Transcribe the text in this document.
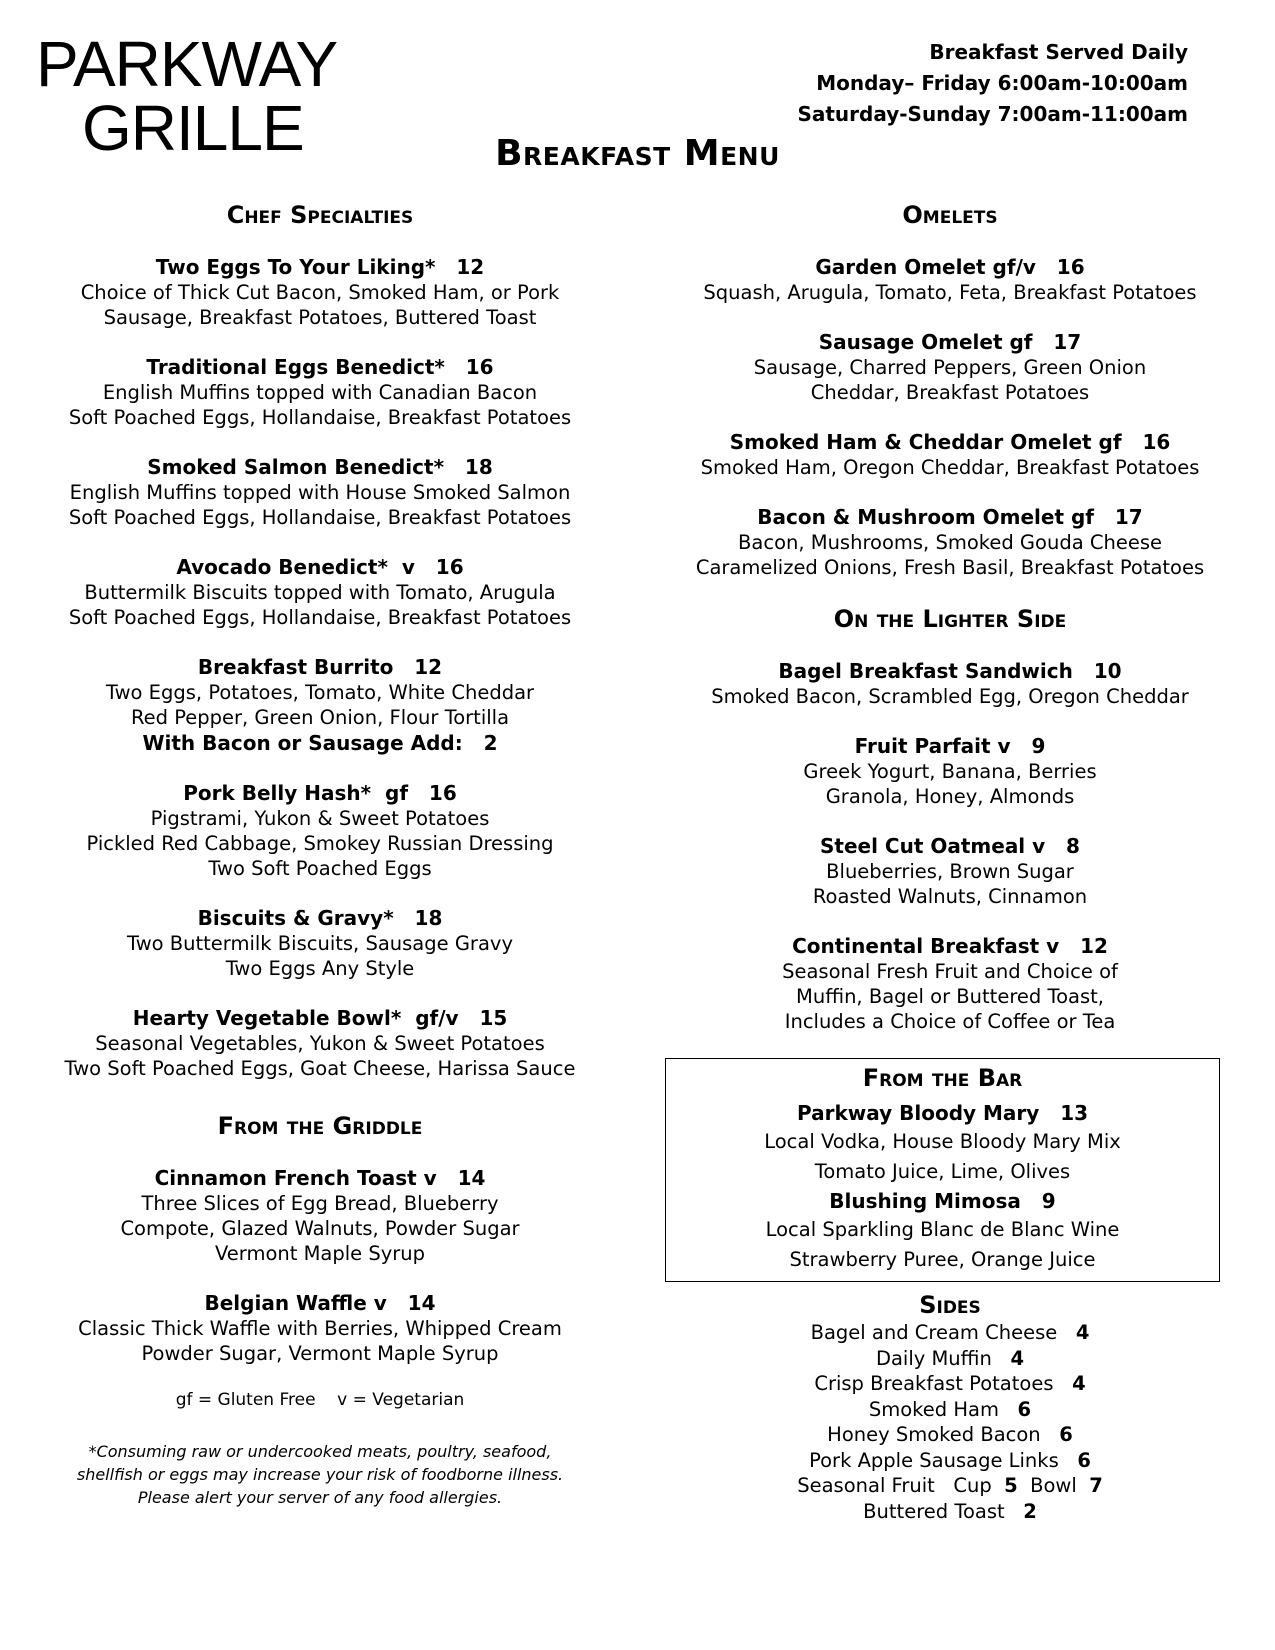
PARKWAY
GRILLE
Breakfast Served Daily
Monday– Friday 6:00am-10:00am
Saturday-Sunday 7:00am-11:00am
Breakfast Menu
Chef Specialties
Two Eggs To Your Liking*   12
Choice of Thick Cut Bacon, Smoked Ham, or Pork
Sausage, Breakfast Potatoes, Buttered Toast
Traditional Eggs Benedict*   16
English Muffins topped with Canadian Bacon
Soft Poached Eggs, Hollandaise, Breakfast Potatoes
Smoked Salmon Benedict*   18
English Muffins topped with House Smoked Salmon
Soft Poached Eggs, Hollandaise, Breakfast Potatoes
Avocado Benedict*  v   16
Buttermilk Biscuits topped with Tomato, Arugula
Soft Poached Eggs, Hollandaise, Breakfast Potatoes
Breakfast Burrito   12
Two Eggs, Potatoes, Tomato, White Cheddar
Red Pepper, Green Onion, Flour Tortilla
With Bacon or Sausage Add:   2
Pork Belly Hash*  gf   16
Pigstrami, Yukon & Sweet Potatoes
Pickled Red Cabbage, Smokey Russian Dressing
Two Soft Poached Eggs
Biscuits & Gravy*   18
Two Buttermilk Biscuits, Sausage Gravy
Two Eggs Any Style
Hearty Vegetable Bowl*  gf/v   15
Seasonal Vegetables, Yukon & Sweet Potatoes
Two Soft Poached Eggs, Goat Cheese, Harissa Sauce
From the Griddle
Cinnamon French Toast v   14
Three Slices of Egg Bread, Blueberry
Compote, Glazed Walnuts, Powder Sugar
Vermont Maple Syrup
Belgian Waffle v   14
Classic Thick Waffle with Berries, Whipped Cream
Powder Sugar, Vermont Maple Syrup
gf = Gluten Free    v = Vegetarian
*Consuming raw or undercooked meats, poultry, seafood,
shellfish or eggs may increase your risk of foodborne illness.
Please alert your server of any food allergies.
Omelets
Garden Omelet gf/v   16
Squash, Arugula, Tomato, Feta, Breakfast Potatoes
Sausage Omelet gf   17
Sausage, Charred Peppers, Green Onion
Cheddar, Breakfast Potatoes
Smoked Ham & Cheddar Omelet gf   16
Smoked Ham, Oregon Cheddar, Breakfast Potatoes
Bacon & Mushroom Omelet gf   17
Bacon, Mushrooms, Smoked Gouda Cheese
Caramelized Onions, Fresh Basil, Breakfast Potatoes
On the Lighter Side
Bagel Breakfast Sandwich   10
Smoked Bacon, Scrambled Egg, Oregon Cheddar
Fruit Parfait v   9
Greek Yogurt, Banana, Berries
Granola, Honey, Almonds
Steel Cut Oatmeal v   8
Blueberries, Brown Sugar
Roasted Walnuts, Cinnamon
Continental Breakfast v   12
Seasonal Fresh Fruit and Choice of
Muffin, Bagel or Buttered Toast,
Includes a Choice of Coffee or Tea
From the Bar
Parkway Bloody Mary   13
Local Vodka, House Bloody Mary Mix
Tomato Juice, Lime, Olives
Blushing Mimosa   9
Local Sparkling Blanc de Blanc Wine
Strawberry Puree, Orange Juice
Sides
Bagel and Cream Cheese   4
Daily Muffin   4
Crisp Breakfast Potatoes   4
Smoked Ham   6
Honey Smoked Bacon   6
Pork Apple Sausage Links   6
Seasonal Fruit   Cup  5  Bowl  7
Buttered Toast   2
